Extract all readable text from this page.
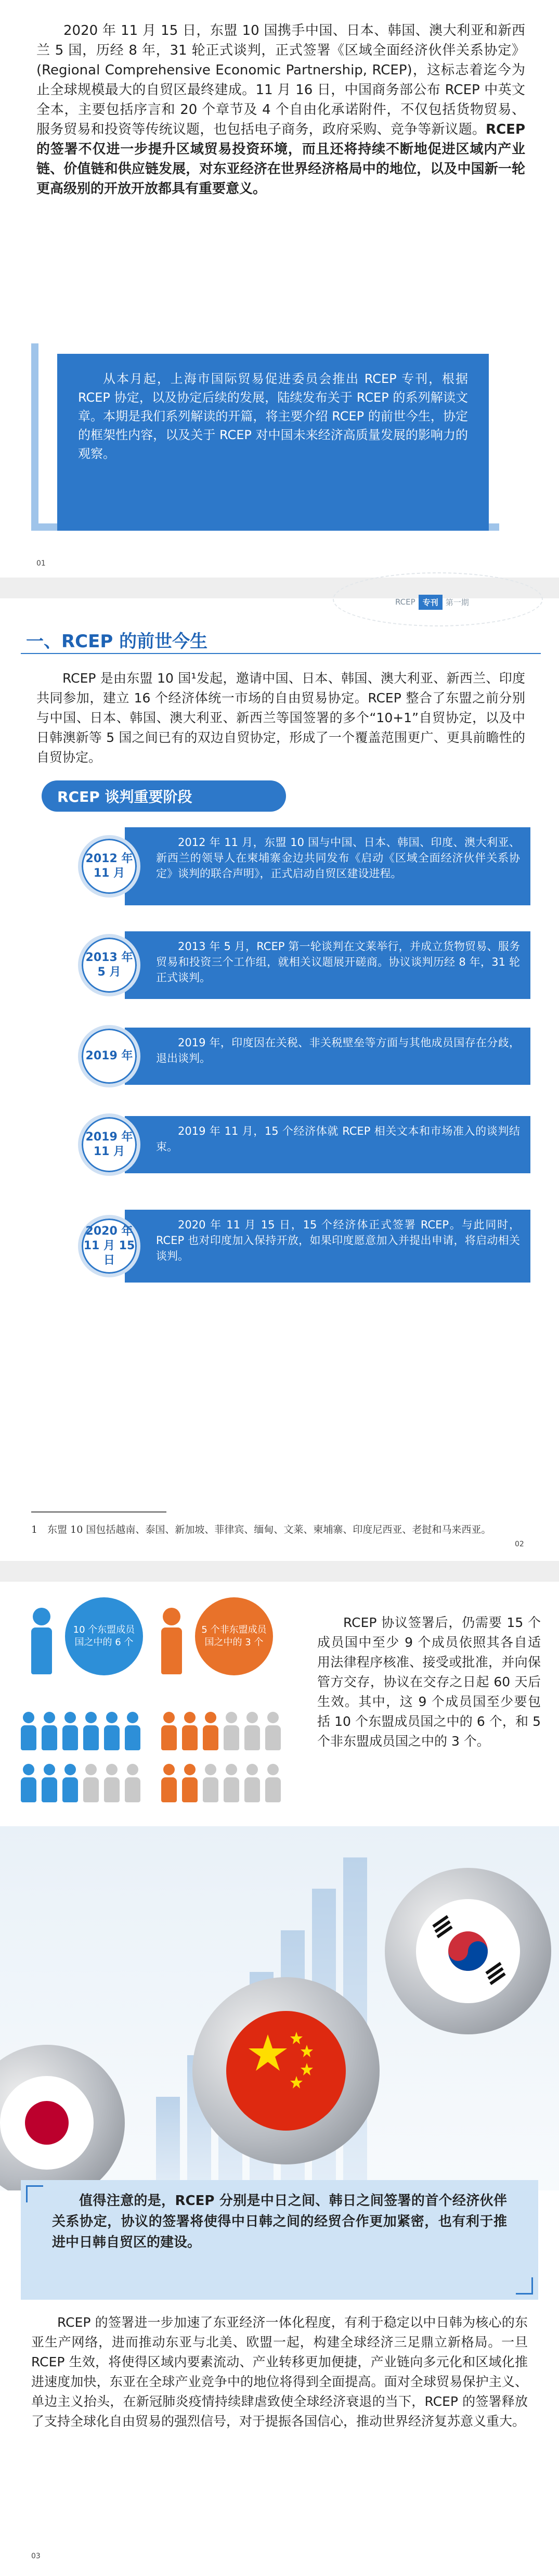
2020 年 11 月 15 日，东盟 10 国携手中国、日本、韩国、澳大利亚和新西兰 5 国，历经 8 年，31 轮正式谈判，正式签署《区域全面经济伙伴关系协定》(Regional Comprehensive Economic Partnership, RCEP)，这标志着迄今为止全球规模最大的自贸区最终建成。11 月 16 日，中国商务部公布 RCEP 中英文全本，主要包括序言和 20 个章节及 4 个自由化承诺附件，不仅包括货物贸易、服务贸易和投资等传统议题，也包括电子商务，政府采购、竞争等新议题。RCEP 的签署不仅进一步提升区域贸易投资环境，而且还将持续不断地促进区域内产业链、价值链和供应链发展，对东亚经济在世界经济格局中的地位，以及中国新一轮更高级别的开放开放都具有重要意义。

从本月起，上海市国际贸易促进委员会推出 RCEP 专刊，根据 RCEP 协定，以及协定后续的发展，陆续发布关于 RCEP 的系列解读文章。本期是我们系列解读的开篇，将主要介绍 RCEP 的前世今生，协定的框架性内容，以及关于 RCEP 对中国未来经济高质量发展的影响力的观察。

01
RCEP 专刊 第一期
一、RCEP 的前世今生

RCEP 是由东盟 10 国¹发起，邀请中国、日本、韩国、澳大利亚、新西兰、印度共同参加，建立 16 个经济体统一市场的自由贸易协定。RCEP 整合了东盟之前分别与中国、日本、韩国、澳大利亚、新西兰等国签署的多个“10+1”自贸协定，以及中日韩澳新等 5 国之间已有的双边自贸协定，形成了一个覆盖范围更广、更具前瞻性的自贸协定。

RCEP 谈判重要阶段

2012 年 11 月，东盟 10 国与中国、日本、韩国、印度、澳大利亚、新西兰的领导人在柬埔寨金边共同发布《启动《区域全面经济伙伴关系协定》谈判的联合声明》，正式启动自贸区建设进程。

2012 年
11 月

2013 年 5 月，RCEP 第一轮谈判在文莱举行，并成立货物贸易、服务贸易和投资三个工作组，就相关议题展开磋商。协议谈判历经 8 年，31 轮正式谈判。

2013 年
5 月

2019 年，印度因在关税、非关税壁垒等方面与其他成员国存在分歧，退出谈判。

2019 年

2019 年 11 月，15 个经济体就 RCEP 相关文本和市场准入的谈判结束。

2019 年
11 月

2020 年 11 月 15 日，15 个经济体正式签署 RCEP。与此同时，RCEP 也对印度加入保持开放，如果印度愿意加入并提出申请，将启动相关谈判。

2020 年
11 月 15 日

1　东盟 10 国包括越南、泰国、新加坡、菲律宾、缅甸、文莱、柬埔寨、印度尼西亚、老挝和马来西亚。

02
10 个东盟成员国之中的 6 个
5 个非东盟成员国之中的 3 个

RCEP 协议签署后，仍需要 15 个成员国中至少 9 个成员依照其各自适用法律程序核准、接受或批准，并向保管方交存，协议在交存之日起 60 天后生效。其中，这 9 个成员国至少要包括 10 个东盟成员国之中的 6 个，和 5 个非东盟成员国之中的 3 个。

值得注意的是，RCEP 分别是中日之间、韩日之间签署的首个经济伙伴关系协定，协议的签署将使得中日韩之间的经贸合作更加紧密，也有利于推进中日韩自贸区的建设。

RCEP 的签署进一步加速了东亚经济一体化程度，有利于稳定以中日韩为核心的东亚生产网络，进而推动东亚与北美、欧盟一起，构建全球经济三足鼎立新格局。一旦 RCEP 生效，将使得区域内要素流动、产业转移更加便捷，产业链向多元化和区域化推进速度加快，东亚在全球产业竞争中的地位将得到全面提高。面对全球贸易保护主义、单边主义抬头，在新冠肺炎疫情持续肆虐致使全球经济衰退的当下，RCEP 的签署释放了支持全球化自由贸易的强烈信号，对于提振各国信心，推动世界经济复苏意义重大。

03
